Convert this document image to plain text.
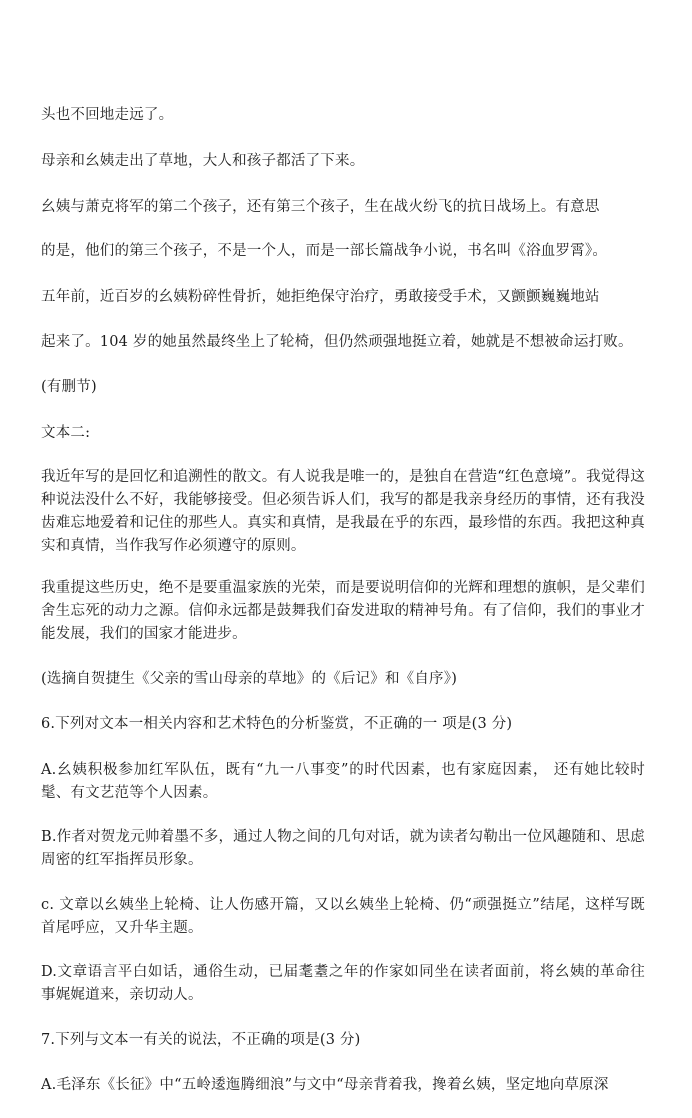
头也不回地走远了。
母亲和幺姨走出了草地，大人和孩子都活了下来。
幺姨与萧克将军的第二个孩子，还有第三个孩子，生在战火纷飞的抗日战场上。有意思
的是，他们的第三个孩子，不是一个人，而是一部长篇战争小说，书名叫《浴血罗霄》。
五年前，近百岁的幺姨粉碎性骨折，她拒绝保守治疗，勇敢接受手术，又颤颤巍巍地站
起来了。104 岁的她虽然最终坐上了轮椅，但仍然顽强地挺立着，她就是不想被命运打败。
(有删节)
文本二:
我近年写的是回忆和追溯性的散文。有人说我是唯一的，是独自在营造“红色意境”。我觉得这种说法没什么不好，我能够接受。但必须告诉人们，我写的都是我亲身经历的事情，还有我没齿难忘地爱着和记住的那些人。真实和真情，是我最在乎的东西，最珍惜的东西。我把这种真实和真情，当作我写作必须遵守的原则。
我重提这些历史，绝不是要重温家族的光荣，而是要说明信仰的光辉和理想的旗帜，是父辈们舍生忘死的动力之源。信仰永远都是鼓舞我们奋发进取的精神号角。有了信仰，我们的事业才能发展，我们的国家才能进步。
(选摘自贺捷生《父亲的雪山母亲的草地》的《后记》和《自序》)
6.下列对文本一相关内容和艺术特色的分析鉴赏，不正确的一 项是(3 分)
A.幺姨积极参加红军队伍，既有“九一八事变”的时代因素，也有家庭因素， 还有她比较时髦、有文艺范等个人因素。
B.作者对贺龙元帅着墨不多，通过人物之间的几句对话，就为读者勾勒出一位风趣随和、思虑周密的红军指挥员形象。
c. 文章以幺姨坐上轮椅、让人伤感开篇，又以幺姨坐上轮椅、仍“顽强挺立”结尾，这样写既首尾呼应，又升华主题。
D.文章语言平白如话，通俗生动，已届耄耋之年的作家如同坐在读者面前，将幺姨的革命往事娓娓道来，亲切动人。
7.下列与文本一有关的说法，不正确的项是(3 分)
A.毛泽东《长征》中“五岭逶迤腾细浪”与文中“母亲背着我，搀着幺姨，坚定地向草原深
